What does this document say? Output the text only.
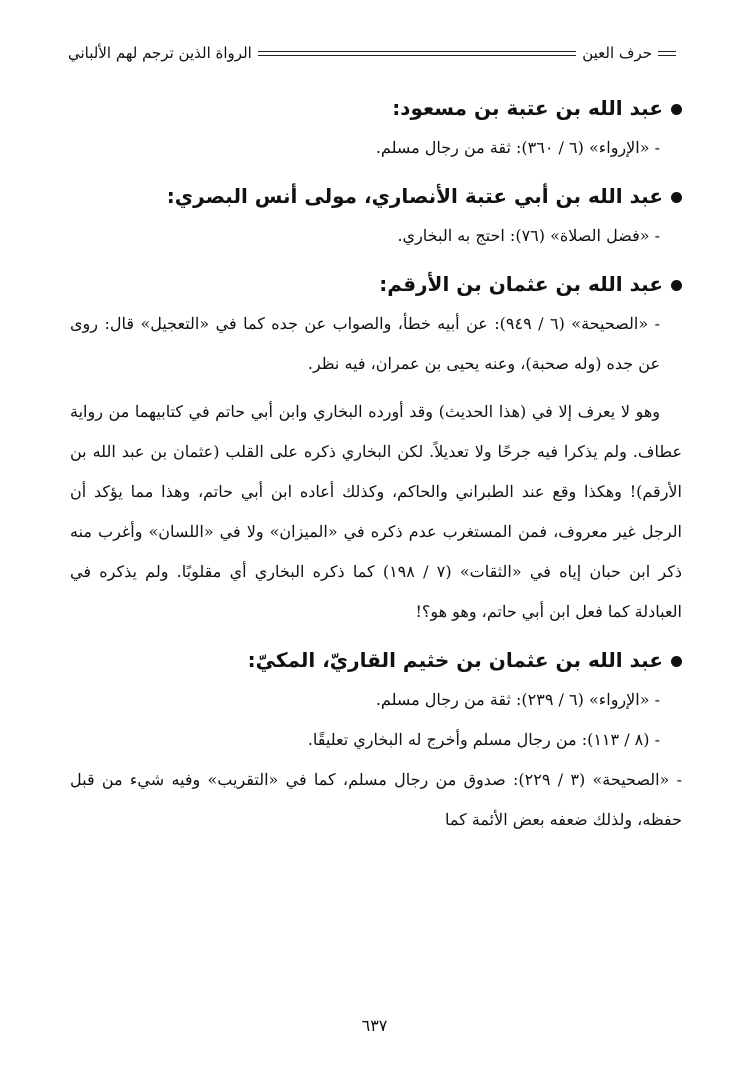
حرف العين
الرواة الذين ترجم لهم الألباني

عبد الله بن عتبة بن مسعود:

- «الإرواء» (٦ / ٣٦٠): ثقة من رجال مسلم.

عبد الله بن أبي عتبة الأنصاري، مولى أنس البصري:

- «فضل الصلاة» (٧٦): احتج به البخاري.

عبد الله بن عثمان بن الأرقم:

- «الصحيحة» (٦ / ٩٤٩): عن أبيه خطأ، والصواب عن جده كما في «التعجيل» قال: روى عن جده (وله صحبة)، وعنه يحيى بن عمران، فيه نظر.

وهو لا يعرف إلا في (هذا الحديث) وقد أورده البخاري وابن أبي حاتم في كتابيهما من رواية عطاف. ولم يذكرا فيه جرحًا ولا تعديلاً. لكن البخاري ذكره على القلب (عثمان بن عبد الله بن الأرقم)! وهكذا وقع عند الطبراني والحاكم، وكذلك أعاده ابن أبي حاتم، وهذا مما يؤكد أن الرجل غير معروف، فمن المستغرب عدم ذكره في «الميزان» ولا في «اللسان» وأغرب منه ذكر ابن حبان إياه في «الثقات» (٧ / ١٩٨) كما ذكره البخاري أي مقلوبًا. ولم يذكره في العبادلة كما فعل ابن أبي حاتم، وهو هو؟!

عبد الله بن عثمان بن خثيم القاريّ، المكيّ:

- «الإرواء» (٦ / ٢٣٩): ثقة من رجال مسلم.

- (٨ / ١١٣): من رجال مسلم وأخرج له البخاري تعليقًا.

- «الصحيحة» (٣ / ٢٢٩): صدوق من رجال مسلم، كما في «التقريب» وفيه شيء من قبل حفظه، ولذلك ضعفه بعض الأئمة كما

٦٣٧
